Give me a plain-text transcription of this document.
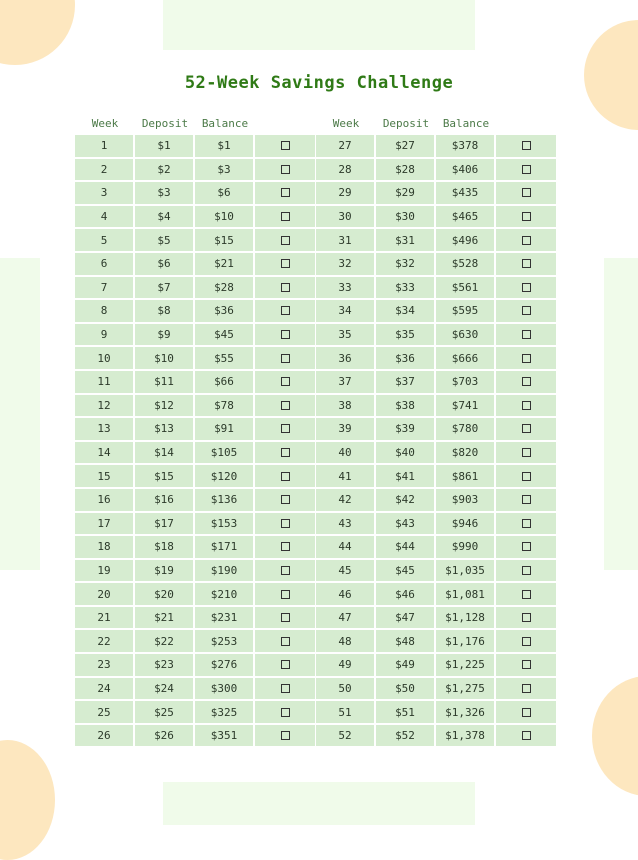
52-Week Savings Challenge
Week	Deposit	Balance
1	$1	$1
2	$2	$3
3	$3	$6
4	$4	$10
5	$5	$15
6	$6	$21
7	$7	$28
8	$8	$36
9	$9	$45
10	$10	$55
11	$11	$66
12	$12	$78
13	$13	$91
14	$14	$105
15	$15	$120
16	$16	$136
17	$17	$153
18	$18	$171
19	$19	$190
20	$20	$210
21	$21	$231
22	$22	$253
23	$23	$276
24	$24	$300
25	$25	$325
26	$26	$351
Week	Deposit	Balance
27	$27	$378
28	$28	$406
29	$29	$435
30	$30	$465
31	$31	$496
32	$32	$528
33	$33	$561
34	$34	$595
35	$35	$630
36	$36	$666
37	$37	$703
38	$38	$741
39	$39	$780
40	$40	$820
41	$41	$861
42	$42	$903
43	$43	$946
44	$44	$990
45	$45	$1,035
46	$46	$1,081
47	$47	$1,128
48	$48	$1,176
49	$49	$1,225
50	$50	$1,275
51	$51	$1,326
52	$52	$1,378
